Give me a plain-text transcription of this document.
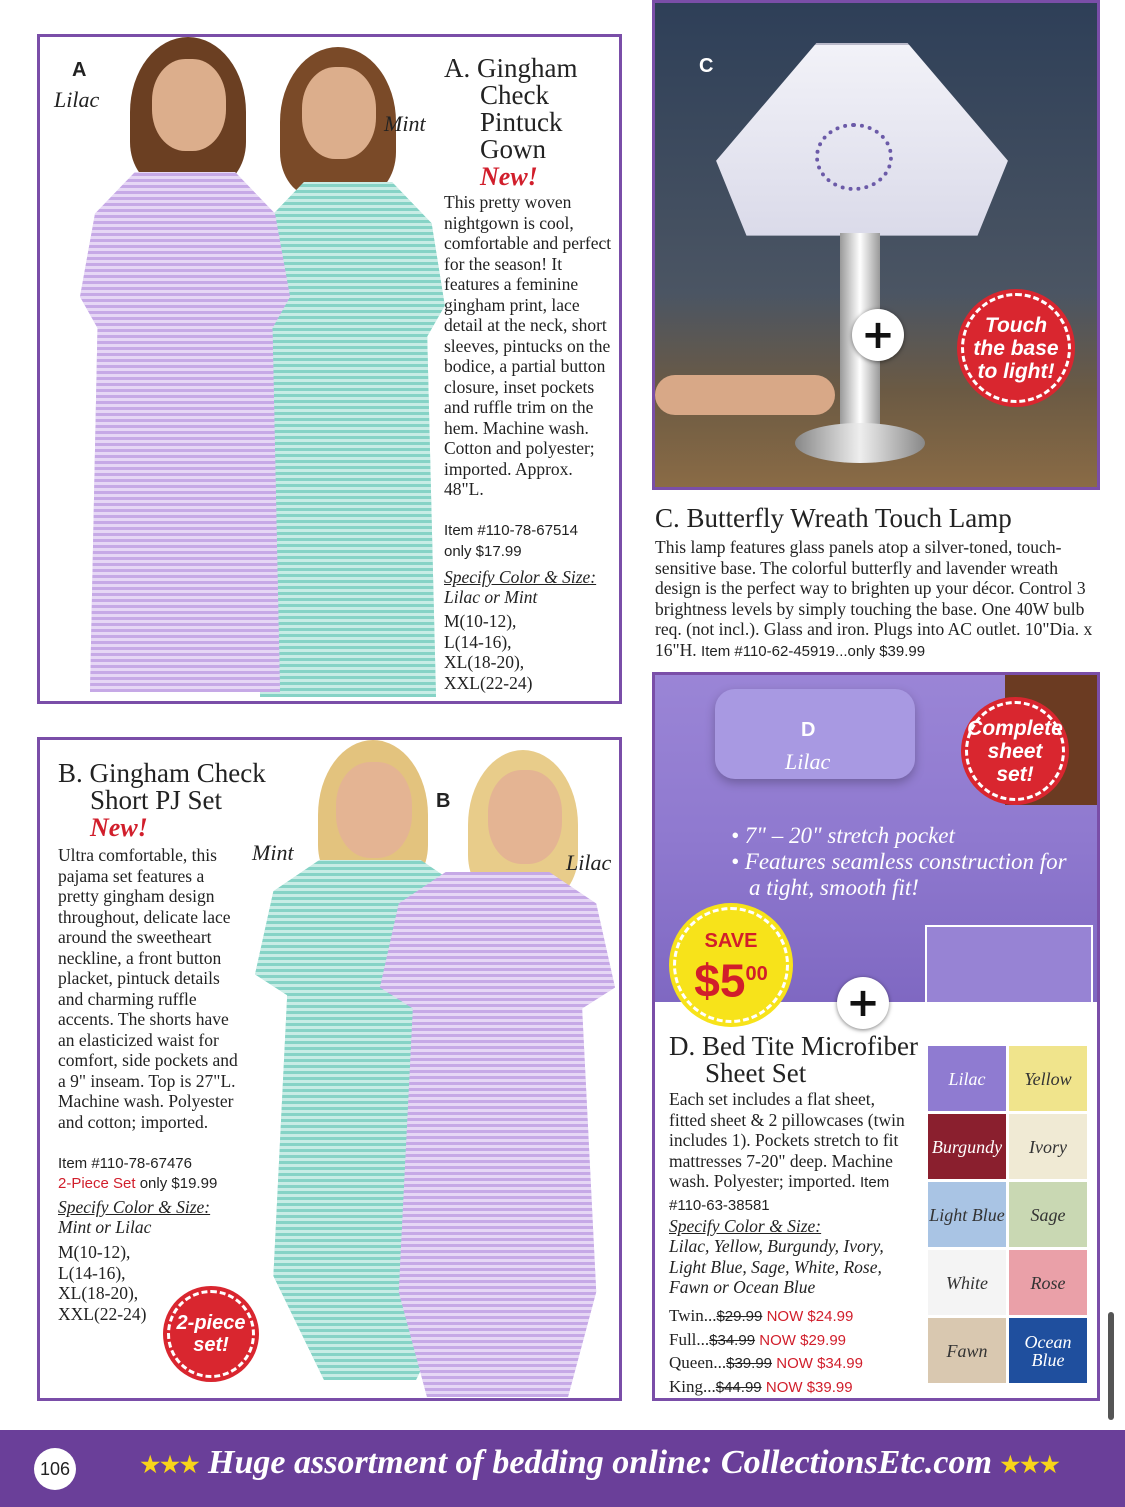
A
Lilac
Mint
A. Gingham
Check
Pintuck
Gown
New!
This pretty woven nightgown is cool, comfortable and perfect for the season! It features a feminine gingham print, lace detail at the neck, short sleeves, pintucks on the bodice, a partial button closure, inset pockets and ruffle trim on the hem. Machine wash. Cotton and polyester; imported. Approx. 48"L.
Item #110-78-67514
only $17.99
Specify Color & Size:
Lilac or Mint
M(10-12),
L(14-16),
XL(18-20),
XXL(22-24)
C
+	Touch the base to light!
C. Butterfly Wreath Touch Lamp
This lamp features glass panels atop a silver-toned, touch-sensitive base. The colorful butterfly and lavender wreath design is the perfect way to brighten up your décor. Control 3 brightness levels by simply touching the base. One 40W bulb req. (not incl.). Glass and iron. Plugs into AC outlet. 10"Dia. x 16"H. Item #110-62-45919...only $39.99
Mint
B
Lilac
B. Gingham Check
Short PJ Set
New!
Ultra comfortable, this pajama set features a pretty gingham design throughout, delicate lace around the sweetheart neckline, a front button placket, pintuck details and charming ruffle accents. The shorts have an elasticized waist for comfort, side pockets and a 9" inseam. Top is 27"L. Machine wash. Polyester and cotton; imported.
Item #110-78-67476
2-Piece Set only $19.99
Specify Color & Size:
Mint or Lilac
M(10-12),
L(14-16),
XL(18-20),
XXL(22-24)	2-piece set!
D
Lilac
• 7" – 20" stretch pocket
• Features seamless construction for
a tight, smooth fit!
Complete sheet set!
SAVE
$\$5^{00}$
+
D. Bed Tite Microfiber
Sheet Set
Each set includes a flat sheet, fitted sheet & 2 pillowcases (twin includes 1). Pockets stretch to fit mattresses 7-20" deep. Machine wash. Polyester; imported. Item #110-63-38581
Specify Color & Size:
Lilac, Yellow, Burgundy, Ivory, Light Blue, Sage, White, Rose, Fawn or Ocean Blue
Twin...$29.99 NOW $24.99
Full...$34.99 NOW $29.99
Queen...$39.99 NOW $34.99
King...$44.99 NOW $39.99
Lilac	Yellow
Burgundy	Ivory
Light Blue	Sage
White	Rose
Fawn	Ocean Blue
106	★★★ Huge assortment of bedding online: CollectionsEtc.com ★★★
